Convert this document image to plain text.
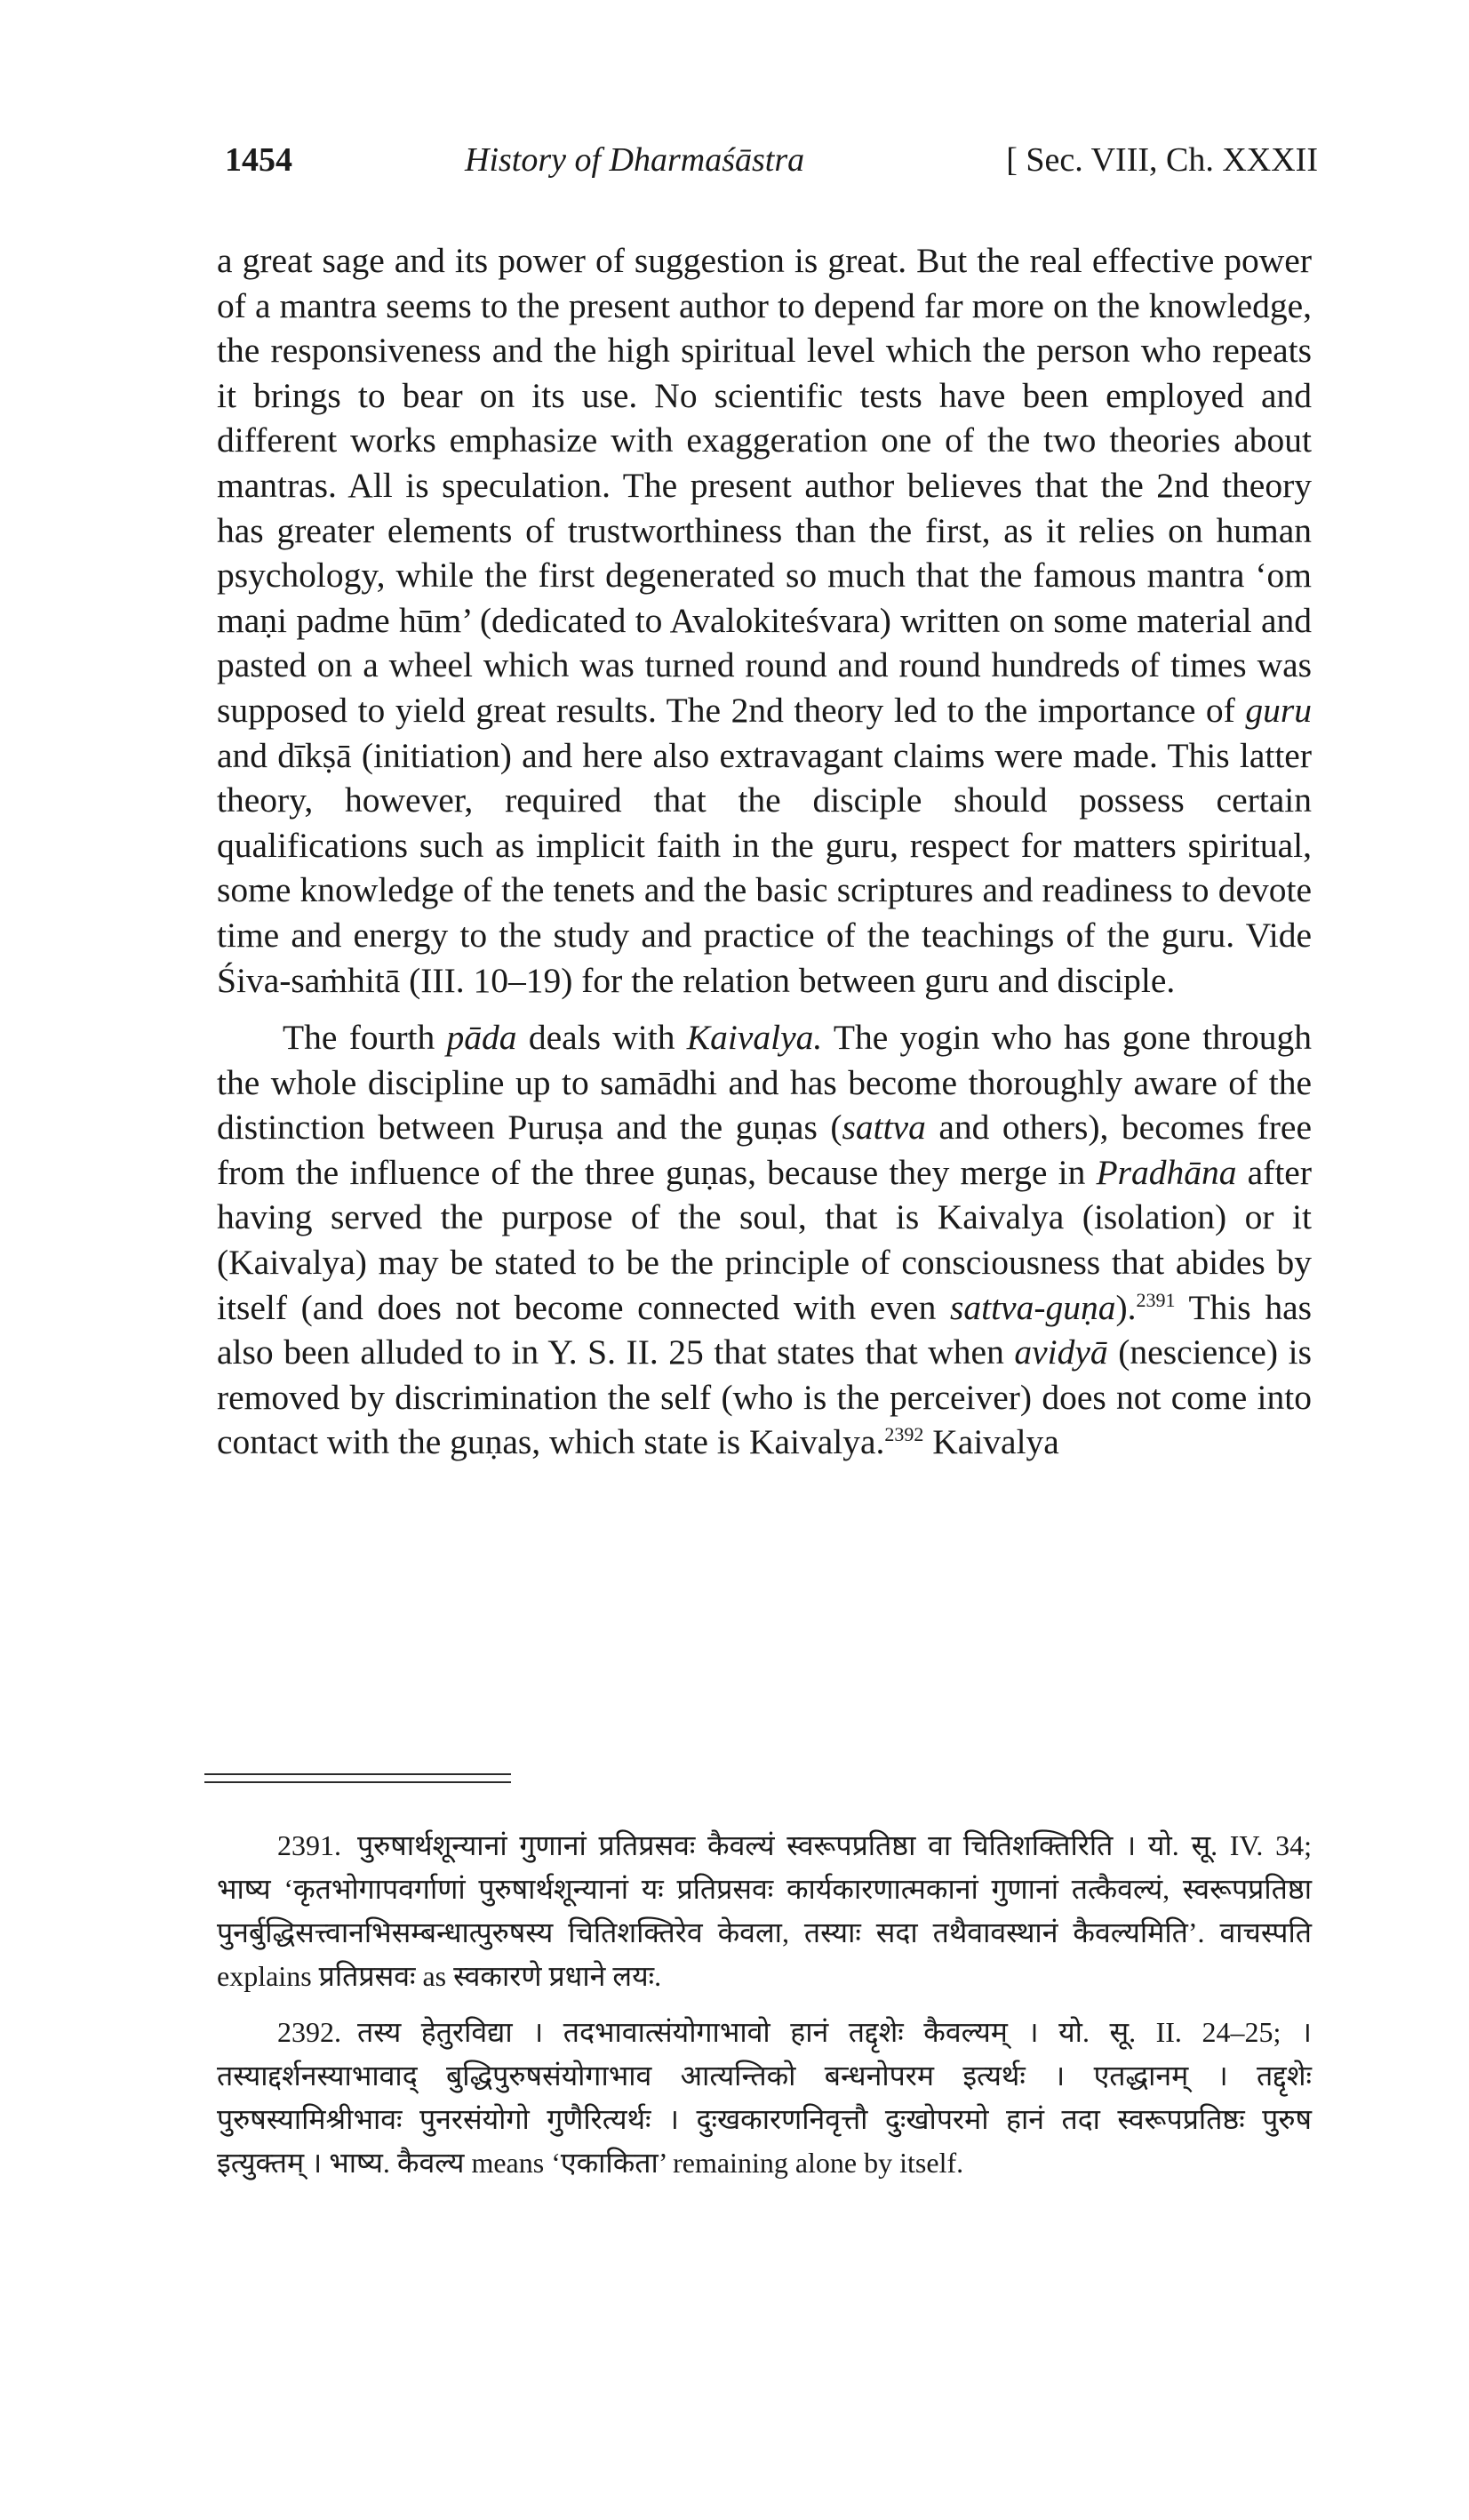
1454	History of Dharmaśāstra	[ Sec. VIII, Ch. XXXII

a great sage and its power of suggestion is great. But the real effective power of a mantra seems to the present author to depend far more on the knowledge, the responsiveness and the high spiritual level which the person who repeats it brings to bear on its use. No scientific tests have been employed and different works emphasize with exaggeration one of the two theories about mantras. All is speculation. The present author believes that the 2nd theory has greater elements of trustworthiness than the first, as it relies on human psychology, while the first degenerated so much that the famous mantra ‘om maṇi padme hūm’ (dedicated to Avalokiteśvara) written on some material and pasted on a wheel which was turned round and round hundreds of times was supposed to yield great results. The 2nd theory led to the importance of guru and dīkṣā (initiation) and here also extravagant claims were made. This latter theory, however, required that the disciple should possess certain qualifications such as implicit faith in the guru, respect for matters spiritual, some knowledge of the tenets and the basic scriptures and readiness to devote time and energy to the study and practice of the teachings of the guru. Vide Śiva-saṁhitā (III. 10–19) for the relation between guru and disciple.

The fourth pāda deals with Kaivalya. The yogin who has gone through the whole discipline up to samādhi and has become thoroughly aware of the distinction between Puruṣa and the guṇas (sattva and others), becomes free from the influence of the three guṇas, because they merge in Pradhāna after having served the purpose of the soul, that is Kaivalya (isolation) or it (Kaivalya) may be stated to be the principle of consciousness that abides by itself (and does not become connected with even sattva-guṇa).$^{2391}$ This has also been alluded to in Y. S. II. 25 that states that when avidyā (nescience) is removed by discrimination the self (who is the perceiver) does not come into contact with the guṇas, which state is Kaivalya.$^{2392}$ Kaivalya

2391. पुरुषार्थशून्यानां गुणानां प्रतिप्रसवः कैवल्यं स्वरूपप्रतिष्ठा वा चितिशक्तिरिति । यो. सू. IV. 34; भाष्य ‘कृतभोगापवर्गाणां पुरुषार्थशून्यानां यः प्रतिप्रसवः कार्यकारणात्मकानां गुणानां तत्कैवल्यं, स्वरूपप्रतिष्ठा पुनर्बुद्धिसत्त्वानभिसम्बन्धात्पुरुषस्य चितिशक्तिरेव केवला, तस्याः सदा तथैवावस्थानं कैवल्यमिति’. वाचस्पति explains प्रतिप्रसवः as स्वकारणे प्रधाने लयः.

2392. तस्य हेतुरविद्या । तदभावात्संयोगाभावो हानं तद्दृशेः कैवल्यम् । यो. सू. II. 24–25; । तस्याद्दर्शनस्याभावाद् बुद्धिपुरुषसंयोगाभाव आत्यन्तिको बन्धनोपरम इत्यर्थः । एतद्धानम् । तद्दृशेः पुरुषस्यामिश्रीभावः पुनरसंयोगो गुणैरित्यर्थः । दुःखकारणनिवृत्तौ दुःखोपरमो हानं तदा स्वरूपप्रतिष्ठः पुरुष इत्युक्तम् । भाष्य. कैवल्य means ‘एकाकिता’ remaining alone by itself.
